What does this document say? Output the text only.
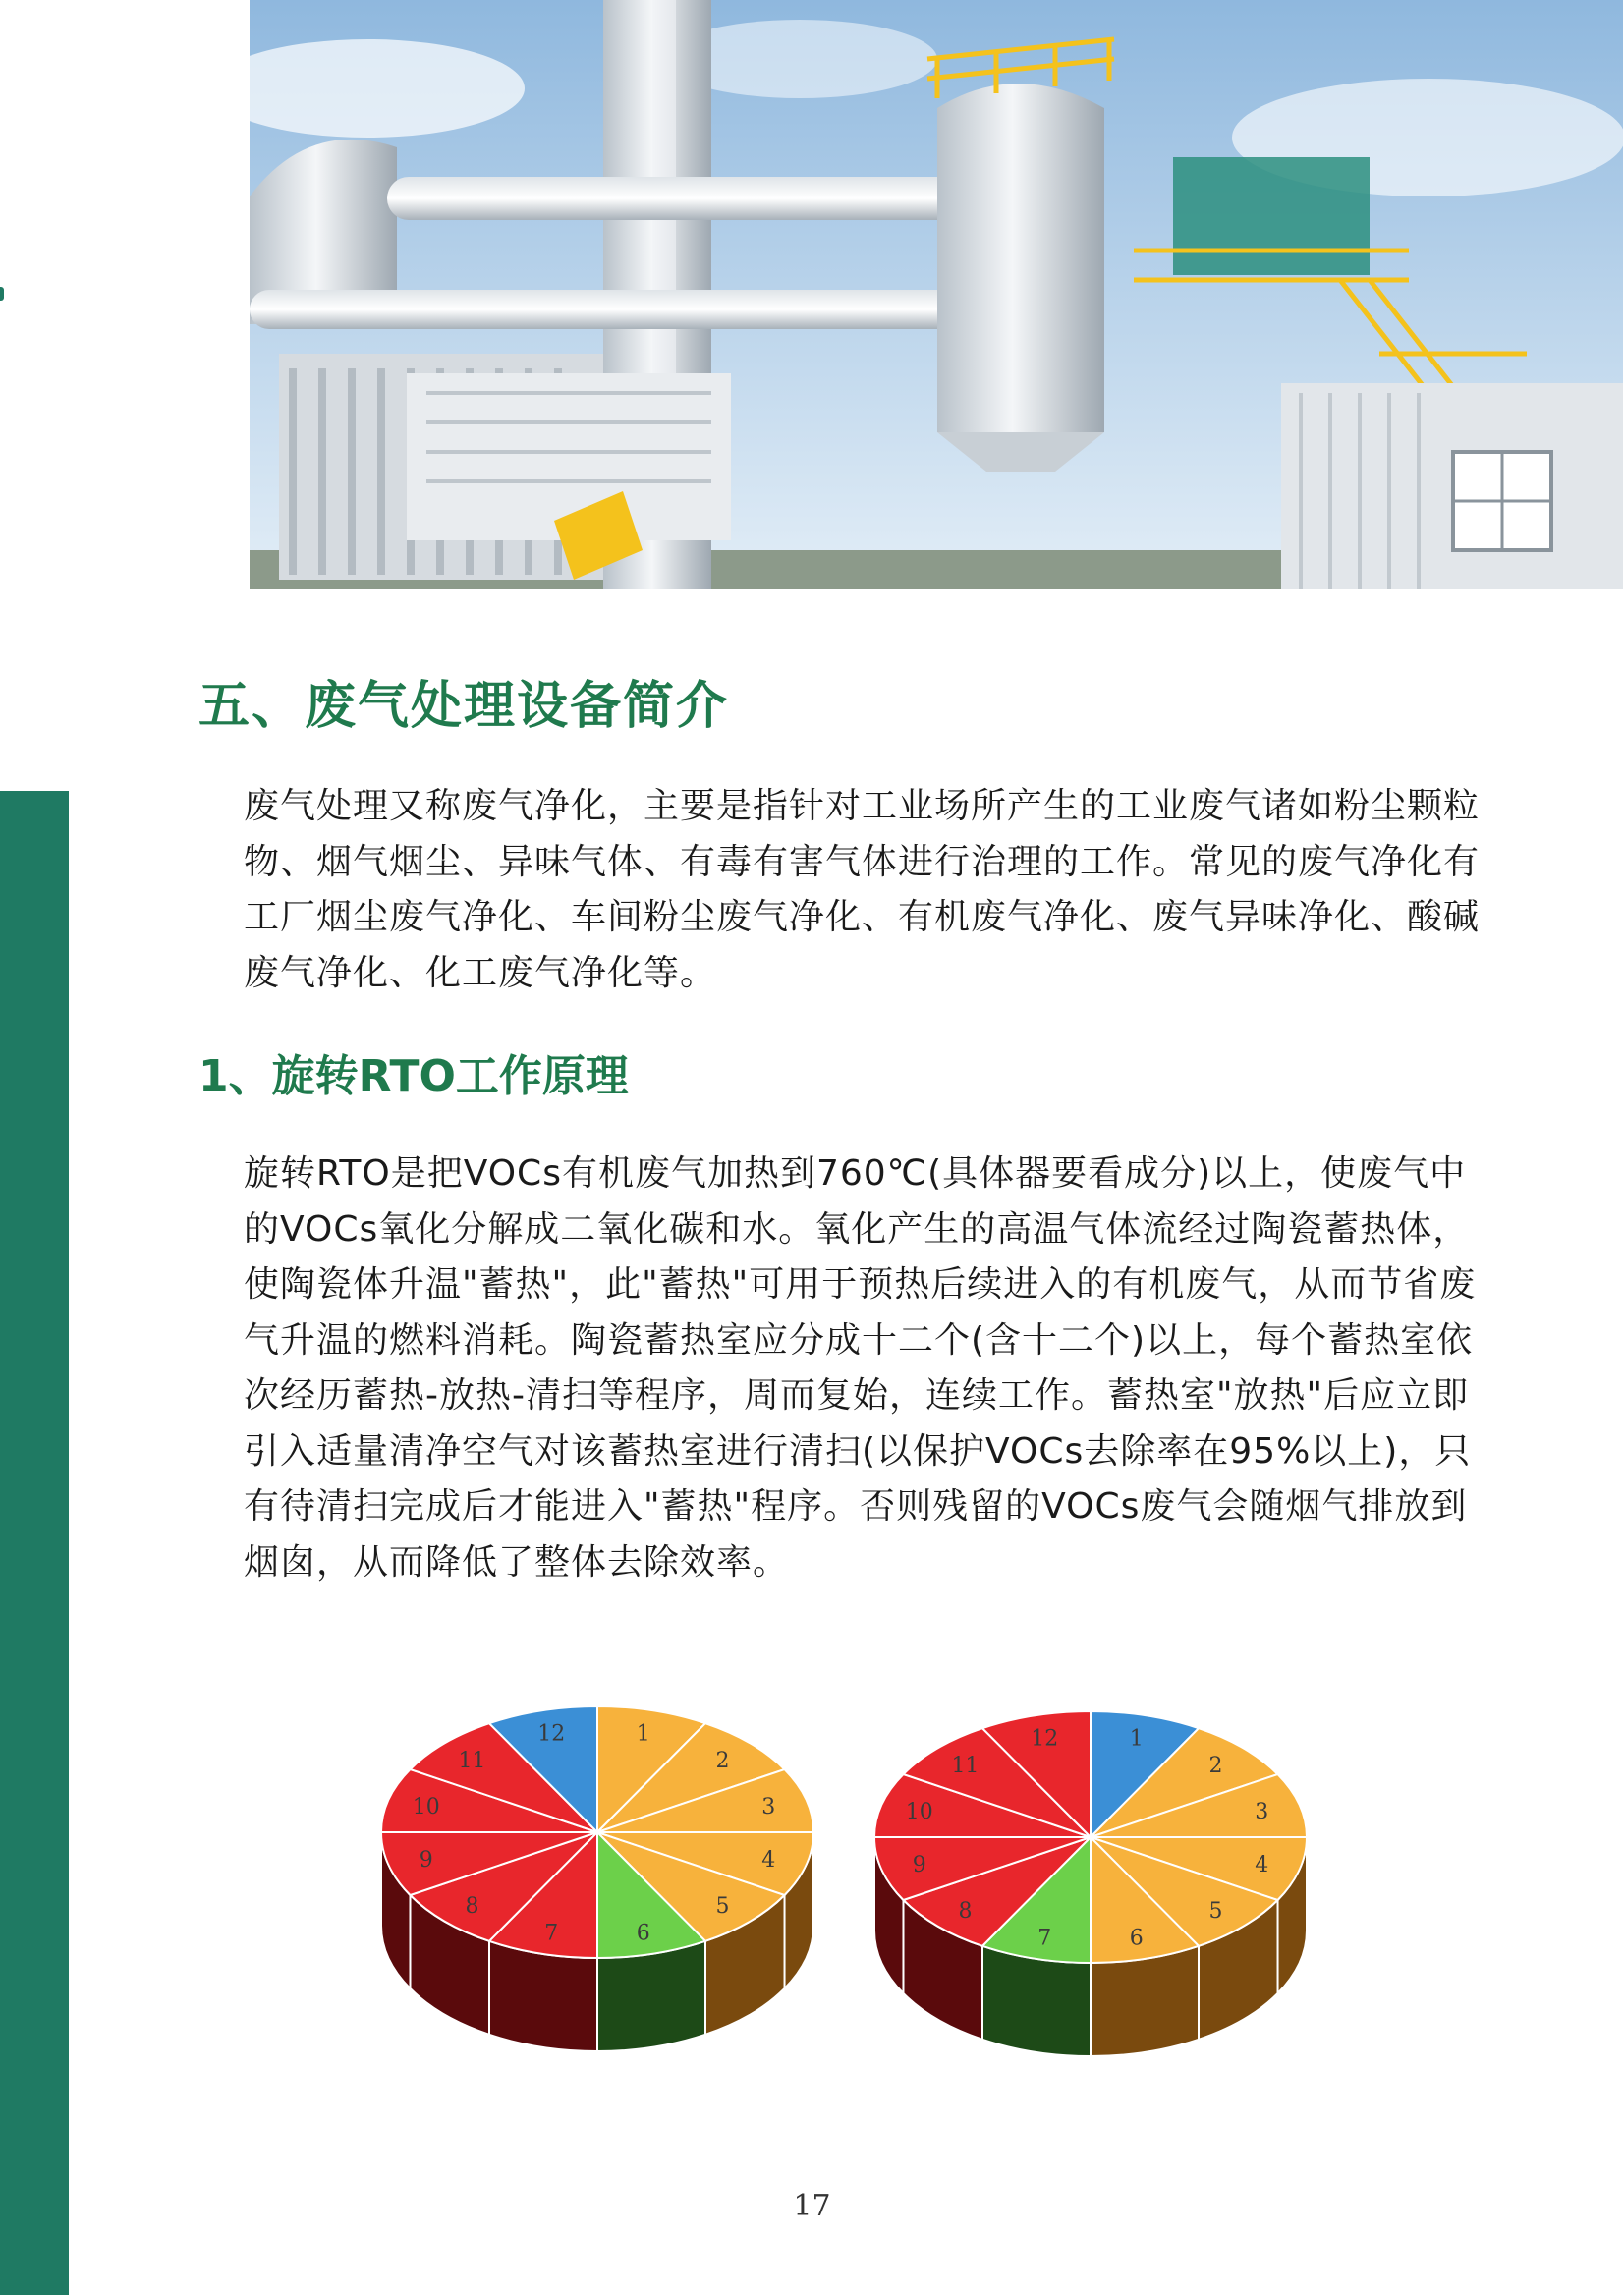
五、废气处理设备简介

废气处理又称废气净化，主要是指针对工业场所产生的工业废气诸如粉尘颗粒物、烟气烟尘、异味气体、有毒有害气体进行治理的工作。常见的废气净化有工厂烟尘废气净化、车间粉尘废气净化、有机废气净化、废气异味净化、酸碱废气净化、化工废气净化等。

1、旋转RTO工作原理

旋转RTO是把VOCs有机废气加热到760℃(具体器要看成分)以上，使废气中的VOCs氧化分解成二氧化碳和水。氧化产生的高温气体流经过陶瓷蓄热体，使陶瓷体升温"蓄热"，此"蓄热"可用于预热后续进入的有机废气，从而节省废气升温的燃料消耗。陶瓷蓄热室应分成十二个(含十二个)以上，每个蓄热室依次经历蓄热-放热-清扫等程序，周而复始，连续工作。蓄热室"放热"后应立即引入适量清净空气对该蓄热室进行清扫(以保护VOCs去除率在95%以上)，只有待清扫完成后才能进入"蓄热"程序。否则残留的VOCs废气会随烟气排放到烟囱，从而降低了整体去除效率。

1
2
3
4
5
6
7
8
9
10
11
12	1
2
3
4
5
6
7
8
9
10
11
12
17
